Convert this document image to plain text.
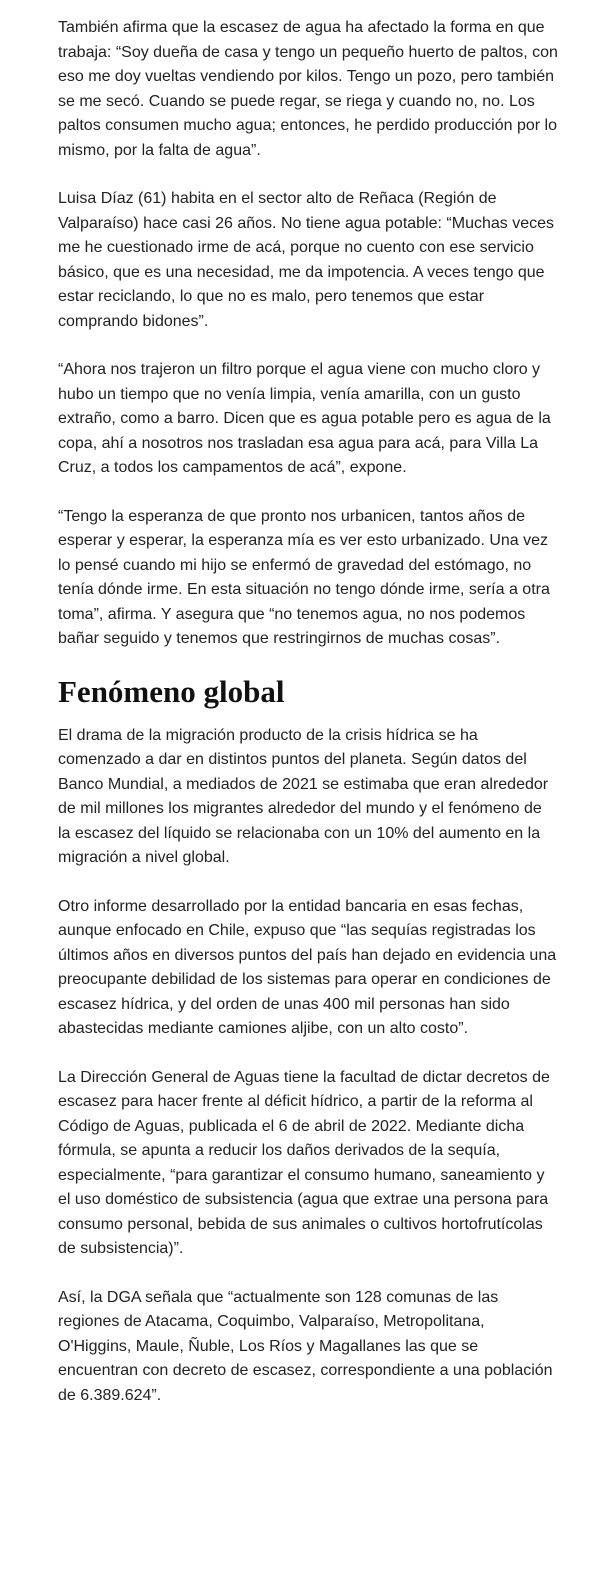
También afirma que la escasez de agua ha afectado la forma en que trabaja: “Soy dueña de casa y tengo un pequeño huerto de paltos, con eso me doy vueltas vendiendo por kilos. Tengo un pozo, pero también se me secó. Cuando se puede regar, se riega y cuando no, no. Los paltos consumen mucho agua; entonces, he perdido producción por lo mismo, por la falta de agua”.

Luisa Díaz (61) habita en el sector alto de Reñaca (Región de Valparaíso) hace casi 26 años. No tiene agua potable: “Muchas veces me he cuestionado irme de acá, porque no cuento con ese servicio básico, que es una necesidad, me da impotencia. A veces tengo que estar reciclando, lo que no es malo, pero tenemos que estar comprando bidones”.

“Ahora nos trajeron un filtro porque el agua viene con mucho cloro y hubo un tiempo que no venía limpia, venía amarilla, con un gusto extraño, como a barro. Dicen que es agua potable pero es agua de la copa, ahí a nosotros nos trasladan esa agua para acá, para Villa La Cruz, a todos los campamentos de acá”, expone.

“Tengo la esperanza de que pronto nos urbanicen, tantos años de esperar y esperar, la esperanza mía es ver esto urbanizado. Una vez lo pensé cuando mi hijo se enfermó de gravedad del estómago, no tenía dónde irme. En esta situación no tengo dónde irme, sería a otra toma”, afirma. Y asegura que “no tenemos agua, no nos podemos bañar seguido y tenemos que restringirnos de muchas cosas”.

Fenómeno global

El drama de la migración producto de la crisis hídrica se ha comenzado a dar en distintos puntos del planeta. Según datos del Banco Mundial, a mediados de 2021 se estimaba que eran alrededor de mil millones los migrantes alrededor del mundo y el fenómeno de la escasez del líquido se relacionaba con un 10% del aumento en la migración a nivel global.

Otro informe desarrollado por la entidad bancaria en esas fechas, aunque enfocado en Chile, expuso que “las sequías registradas los últimos años en diversos puntos del país han dejado en evidencia una preocupante debilidad de los sistemas para operar en condiciones de escasez hídrica, y del orden de unas 400 mil personas han sido abastecidas mediante camiones aljibe, con un alto costo”.

La Dirección General de Aguas tiene la facultad de dictar decretos de escasez para hacer frente al déficit hídrico, a partir de la reforma al Código de Aguas, publicada el 6 de abril de 2022. Mediante dicha fórmula, se apunta a reducir los daños derivados de la sequía, especialmente, “para garantizar el consumo humano, saneamiento y el uso doméstico de subsistencia (agua que extrae una persona para consumo personal, bebida de sus animales o cultivos hortofrutícolas de subsistencia)”.

Así, la DGA señala que “actualmente son 128 comunas de las regiones de Atacama, Coquimbo, Valparaíso, Metropolitana, O'Higgins, Maule, Ñuble, Los Ríos y Magallanes las que se encuentran con decreto de escasez, correspondiente a una población de 6.389.624”.
